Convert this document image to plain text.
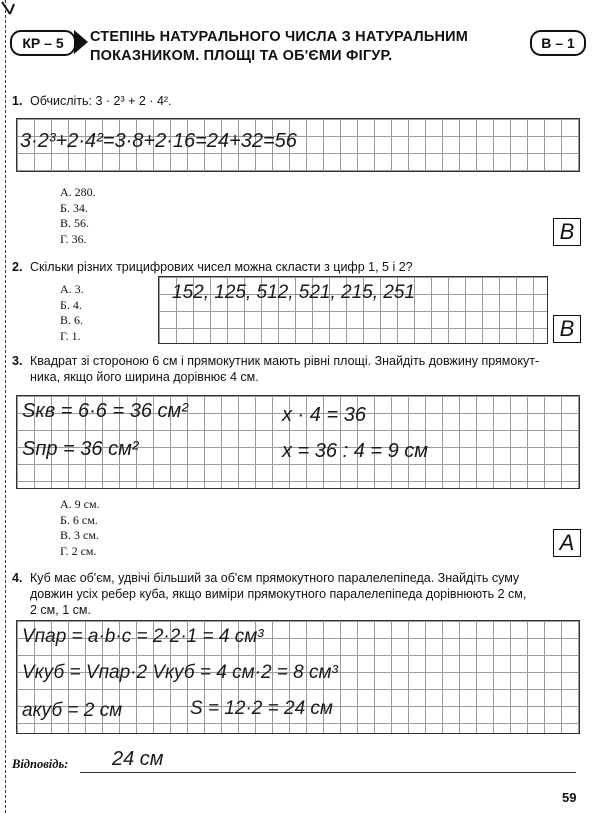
КР – 5	СТЕПІНЬ НАТУРАЛЬНОГО ЧИСЛА З НАТУРАЛЬНИМ
ПОКАЗНИКОМ. ПЛОЩІ ТА ОБ'ЄМИ ФІГУР.
В – 1
1. Обчисліть: 3 · 2³ + 2 · 4².
3·2³+2·4²=3·8+2·16=24+32=56
А. 280.
Б. 34.
В. 56.
Г. 36.	В
2. Скільки різних трицифрових чисел можна скласти з цифр 1, 5 і 2?
А. 3.
Б. 4.
В. 6.
Г. 1.
152, 125, 512, 521, 215, 251
В
3. Квадрат зі стороною 6 см і прямокутник мають рівні площі. Знайдіть довжину прямокут-
ника, якщо його ширина дорівнює 4 см.
Sкв = 6·6 = 36 см²
Sпр = 36 см²
x · 4 = 36
x = 36 : 4 = 9 см
А. 9 см.
Б. 6 см.
В. 3 см.
Г. 2 см.	А
4. Куб має об'єм, удвічі більший за об'єм прямокутного паралелепіпеда. Знайдіть суму
довжин усіх ребер куба, якщо виміри прямокутного паралелепіпеда дорівнюють 2 см,
2 см, 1 см.
Vпар = a·b·c = 2·2·1 = 4 см³
Vкуб = Vпар·2 Vкуб = 4 см·2 = 8 см³
aкуб = 2 см	S = 12·2 = 24 см
Відповідь: 24 см
59
